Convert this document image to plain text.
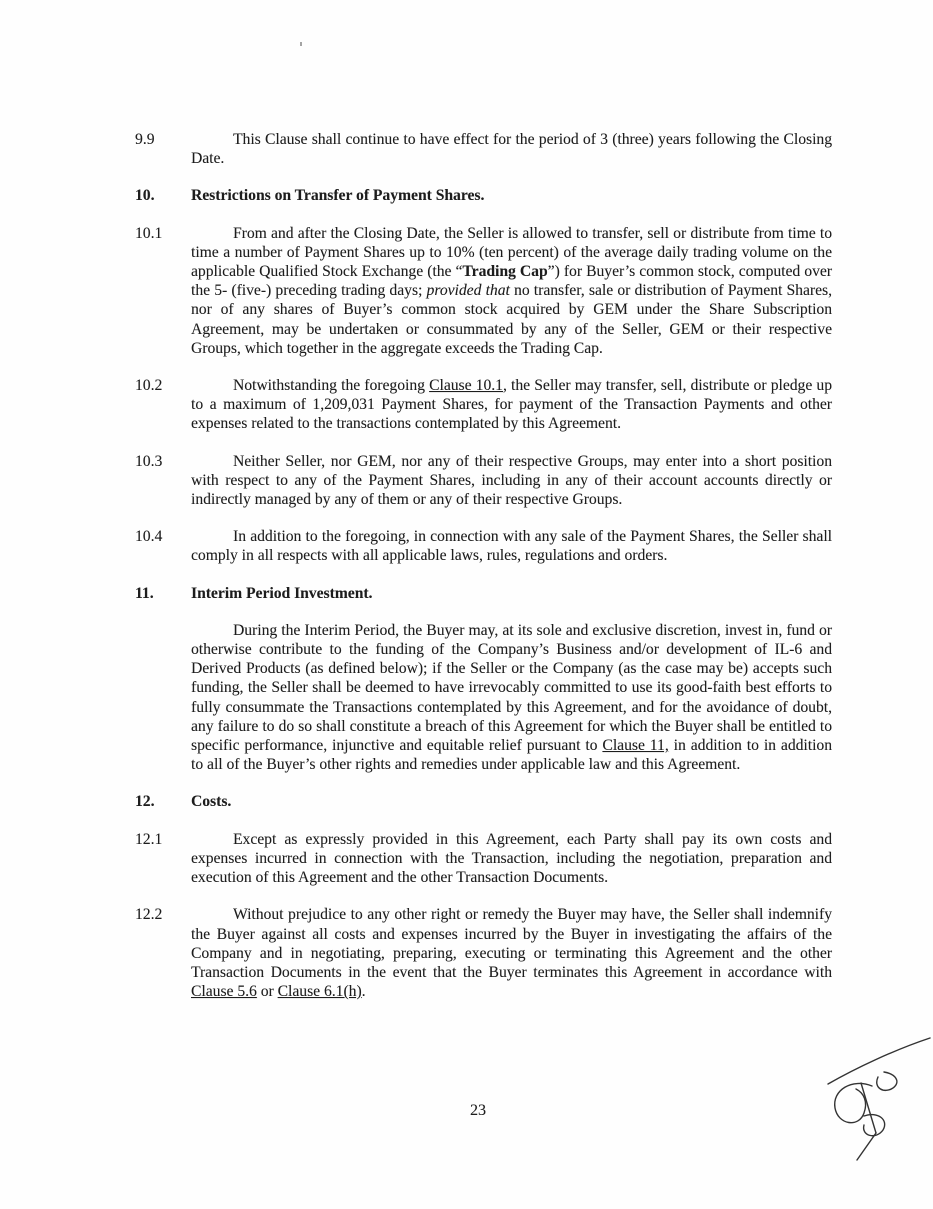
9.9	This Clause shall continue to have effect for the period of 3 (three) years following the Closing Date.
10.	Restrictions on Transfer of Payment Shares.
10.1	From and after the Closing Date, the Seller is allowed to transfer, sell or distribute from time to time a number of Payment Shares up to 10% (ten percent) of the average daily trading volume on the applicable Qualified Stock Exchange (the “Trading Cap”) for Buyer’s common stock, computed over the 5- (five-) preceding trading days; provided that no transfer, sale or distribution of Payment Shares, nor of any shares of Buyer’s common stock acquired by GEM under the Share Subscription Agreement, may be undertaken or consummated by any of the Seller, GEM or their respective Groups, which together in the aggregate exceeds the Trading Cap.
10.2	Notwithstanding the foregoing Clause 10.1, the Seller may transfer, sell, distribute or pledge up to a maximum of 1,209,031 Payment Shares, for payment of the Transaction Payments and other expenses related to the transactions contemplated by this Agreement.
10.3	Neither Seller, nor GEM, nor any of their respective Groups, may enter into a short position with respect to any of the Payment Shares, including in any of their account accounts directly or indirectly managed by any of them or any of their respective Groups.
10.4	In addition to the foregoing, in connection with any sale of the Payment Shares, the Seller shall comply in all respects with all applicable laws, rules, regulations and orders.
11.	Interim Period Investment.
During the Interim Period, the Buyer may, at its sole and exclusive discretion, invest in, fund or otherwise contribute to the funding of the Company’s Business and/or development of IL-6 and Derived Products (as defined below); if the Seller or the Company (as the case may be) accepts such funding, the Seller shall be deemed to have irrevocably committed to use its good-faith best efforts to fully consummate the Transactions contemplated by this Agreement, and for the avoidance of doubt, any failure to do so shall constitute a breach of this Agreement for which the Buyer shall be entitled to specific performance, injunctive and equitable relief pursuant to Clause 11, in addition to in addition to all of the Buyer’s other rights and remedies under applicable law and this Agreement.
12.	Costs.
12.1	Except as expressly provided in this Agreement, each Party shall pay its own costs and expenses incurred in connection with the Transaction, including the negotiation, preparation and execution of this Agreement and the other Transaction Documents.
12.2	Without prejudice to any other right or remedy the Buyer may have, the Seller shall indemnify the Buyer against all costs and expenses incurred by the Buyer in investigating the affairs of the Company and in negotiating, preparing, executing or terminating this Agreement and the other Transaction Documents in the event that the Buyer terminates this Agreement in accordance with Clause 5.6 or Clause 6.1(h).
23
